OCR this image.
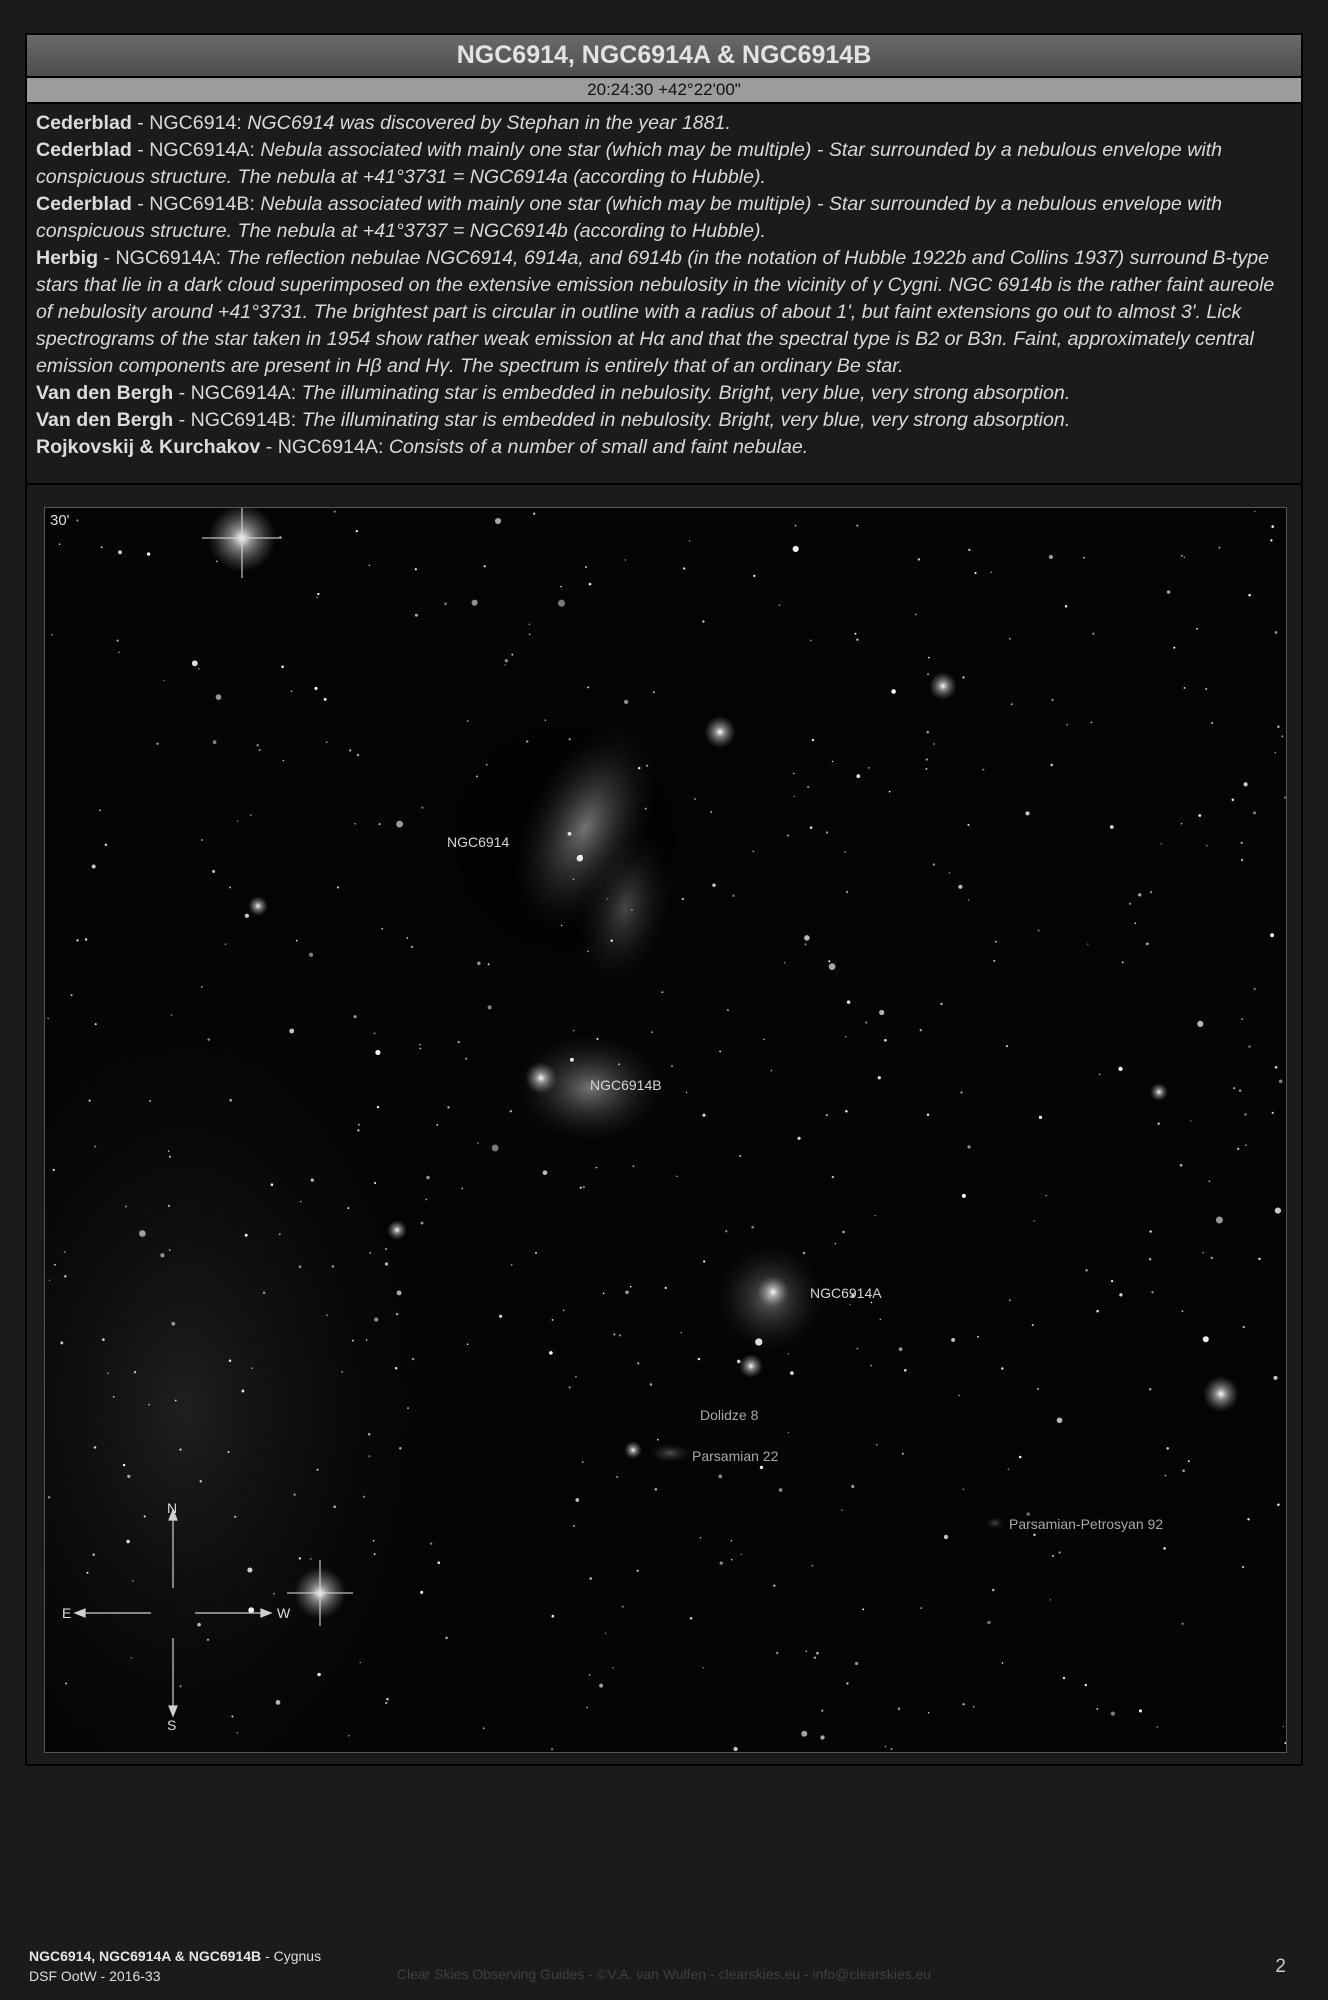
NGC6914, NGC6914A & NGC6914B
20:24:30 +42°22'00"

Cederblad - NGC6914: NGC6914 was discovered by Stephan in the year 1881.

Cederblad - NGC6914A: Nebula associated with mainly one star (which may be multiple) - Star surrounded by a nebulous envelope with conspicuous structure. The nebula at +41°3731 = NGC6914a (according to Hubble).

Cederblad - NGC6914B: Nebula associated with mainly one star (which may be multiple) - Star surrounded by a nebulous envelope with conspicuous structure. The nebula at +41°3737 = NGC6914b (according to Hubble).

Herbig - NGC6914A: The reflection nebulae NGC6914, 6914a, and 6914b (in the notation of Hubble 1922b and Collins 1937) surround B-type stars that lie in a dark cloud superimposed on the extensive emission nebulosity in the vicinity of γ Cygni. NGC 6914b is the rather faint aureole of nebulosity around +41°3731. The brightest part is circular in outline with a radius of about 1', but faint extensions go out to almost 3'. Lick spectrograms of the star taken in 1954 show rather weak emission at Hα and that the spectral type is B2 or B3n. Faint, approximately central emission components are present in Hβ and Hγ. The spectrum is entirely that of an ordinary Be star.

Van den Bergh - NGC6914A: The illuminating star is embedded in nebulosity. Bright, very blue, very strong absorption.

Van den Bergh - NGC6914B: The illuminating star is embedded in nebulosity. Bright, very blue, very strong absorption.

Rojkovskij & Kurchakov - NGC6914A: Consists of a number of small and faint nebulae.

30'
NGC6914
NGC6914B
NGC6914A
Dolidze 8
Parsamian 22
Parsamian-Petrosyan 92
N
S
E	W
NGC6914, NGC6914A & NGC6914B - Cygnus
DSF OotW - 2016-33	Clear Skies Observing Guides - ©V.A. van Wulfen - clearskies.eu - info@clearskies.eu	2
